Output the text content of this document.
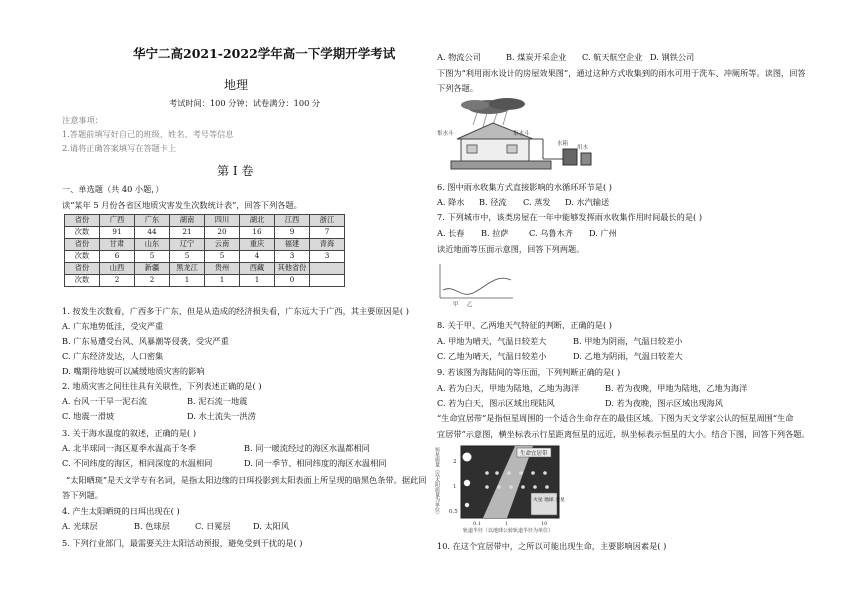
华宁二高2021-2022学年高一下学期开学考试
地理
考试时间：100 分钟；试卷满分：100 分
注意事项：
1.答题前填写好自己的班级、姓名、考号等信息
2.请将正确答案填写在答题卡上
第 I 卷
一、单选题（共 40 小题，）
读“某年 5 月份各省区地质灾害发生次数统计表”，回答下列各题。
省份	广西	广东	湖南	四川	湖北	江西	浙江
次数	91	44	21	20	16	9	7
省份	甘肃	山东	辽宁	云南	重庆	福建	青海
次数	6	5	5	5	4	3	3
省份	山西	新疆	黑龙江	贵州	西藏	其他省份	
次数	2	2	1	1	1	0	
1. 按发生次数看，广西多于广东，但是从造成的经济损失看，广东远大于广西，其主要原因是( )
A. 广东地势低洼，受灾严重
B. 广东易遭受台风、风暴潮等侵袭，受灾严重
C. 广东经济发达，人口密集
D. 嘴期待地貌可以减缓地质灾害的影响
2. 地质灾害之间往往具有关联性，下列表述正确的是( )
A. 台风一干旱一泥石流	B. 泥石流一地震
C. 地震一滑坡	D. 水土流失一洪涝
3. 关于海水温度的叙述，正确的是( )
A. 北半球同一海区夏季水温高于冬季	B. 同一暖流经过的海区水温都相同
C. 不同纬度的海区，相同深度的水温相同	D. 同一季节、相同纬度的海区水温相同
“太阳晒斑”是天文学专有名词，是指太阳边缘的日珥投影到太阳表面上所呈现的暗黑色条带。据此回
答下列题。
4. 产生太阳晒斑的日珥出现在( )
A. 光球层	B. 色球层	C. 日冕层	D. 太阳风
5. 下列行业部门，最需要关注太阳活动预报，避免受到干扰的是( )
A. 物流公司	B. 煤炭开采企业 C. 航天航空企业 D. 钢铁公司
下图为“利用雨水设计的房屋效果图”，通过这种方式收集到的雨水可用于洗车、冲厕所等。读图，回答
下列各题。
集水斗	集水斗
水箱
用水
6. 图中雨水收集方式直接影响的水循环环节是( )
A. 降水 B. 径流 C. 蒸发 D. 水汽输送
7. 下列城市中，该类房屋在一年中能够发挥雨水收集作用时间最长的是( )
A. 长春 B. 拉萨 C. 乌鲁木齐 D. 广州
读近地面等压面示意图，回答下列两题。
甲 乙
8. 关于甲、乙两地天气特征的判断，正确的是( )
A. 甲地为晴天，气温日较差大	B. 甲地为阴雨，气温日较差小
C. 乙地为晴天，气温日较差小	D. 乙地为阴雨，气温日较差大
9. 若该图为海陆间的等压面，下列判断正确的是( )
A. 若为白天，甲地为陆地，乙地为海洋	B. 若为夜晚，甲地为陆地，乙地为海洋
C. 若为白天，图示区域出现陆风	D. 若为夜晚，图示区域出现海风
“生命宜居带”是指恒星周围的一个适合生命存在的最佳区域。下图为天文学家公认的恒星周围“生命
宜居带”示意图，横坐标表示行星距离恒星的远近，纵坐标表示恒星的大小。结合下图，回答下列各题。
恒星质量（以太阳质量为单位） 2
1
0.5
生命宜居带
火星 地球 金星
0.1	1	10
轨道半径（以地球公转轨道半径为单位）
10. 在这个宜居带中，之所以可能出现生命，主要影响因素是( )
